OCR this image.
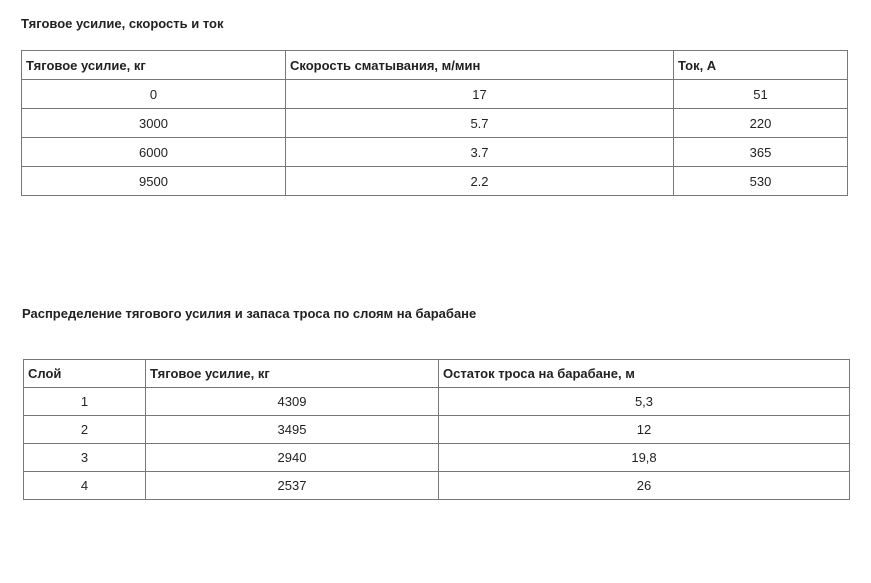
Тяговое усилие, скорость и ток
Тяговое усилие, кг	Скорость сматывания, м/мин	Ток, А
0	17	51
3000	5.7	220
6000	3.7	365
9500	2.2	530
Распределение тягового усилия и запаса троса по слоям на барабане
Слой	Тяговое усилие, кг	Остаток троса на барабане, м
1	4309	5,3
2	3495	12
3	2940	19,8
4	2537	26
